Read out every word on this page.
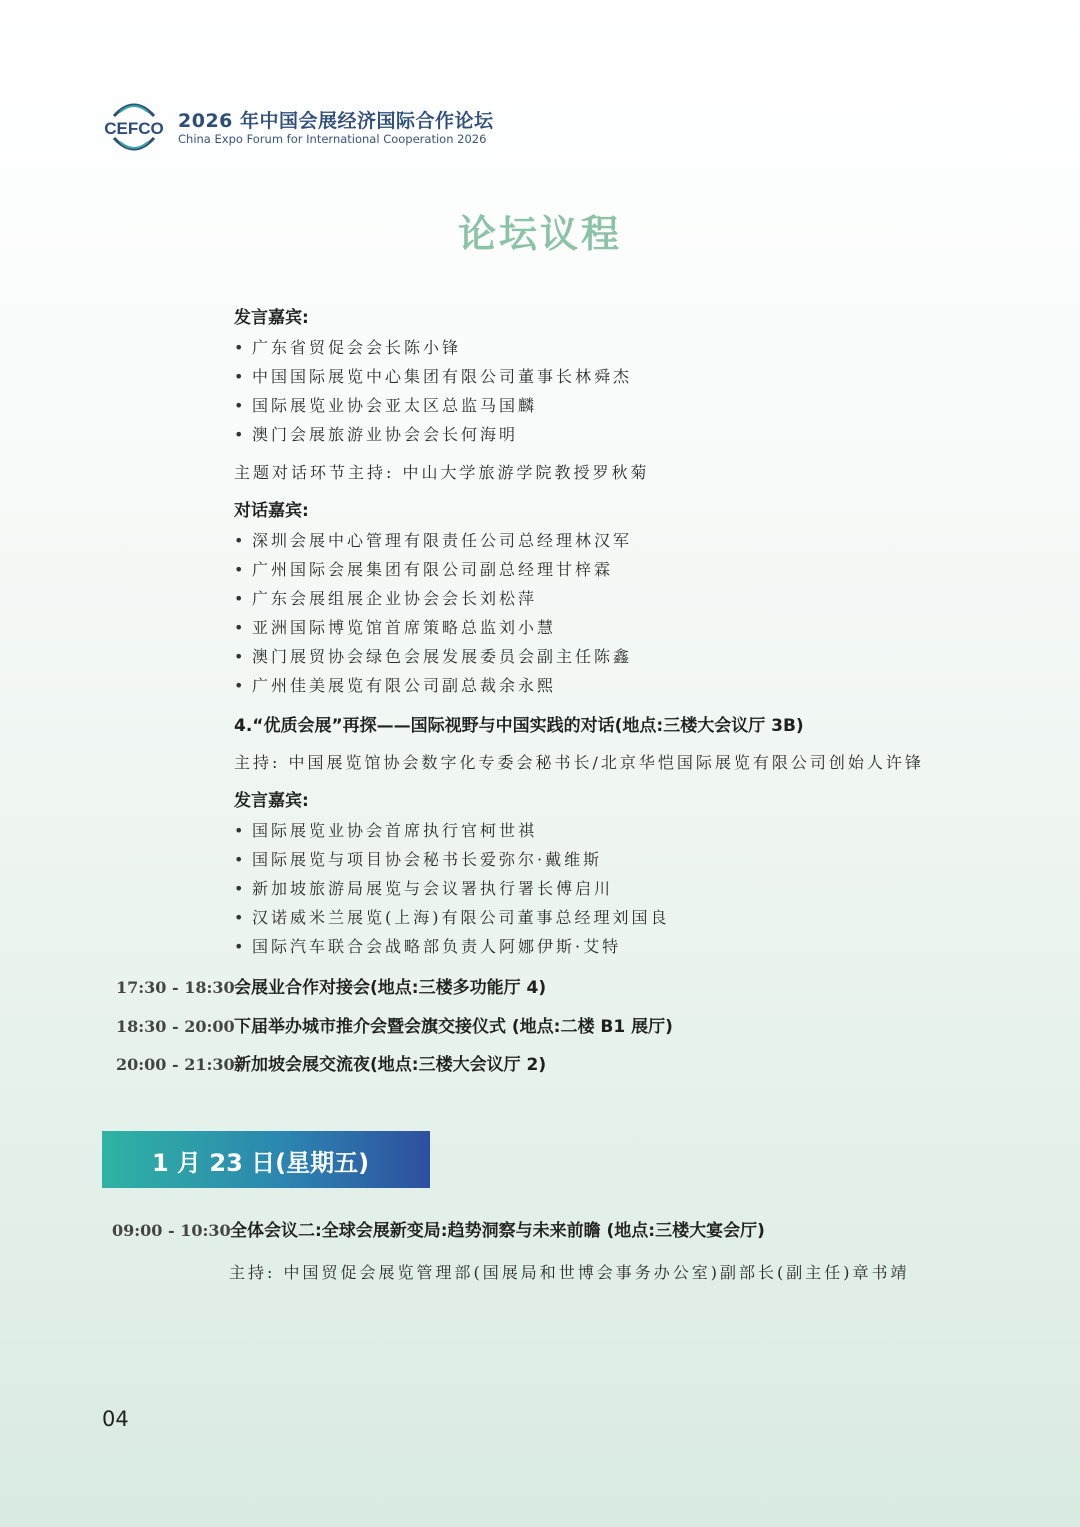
CEFCO 2026 年中国会展经济国际合作论坛
China Expo Forum for International Cooperation 2026
论坛议程
发言嘉宾:
• 广东省贸促会会长陈小锋
• 中国国际展览中心集团有限公司董事长林舜杰
• 国际展览业协会亚太区总监马国麟
• 澳门会展旅游业协会会长何海明
主题对话环节主持: 中山大学旅游学院教授罗秋菊
对话嘉宾:
• 深圳会展中心管理有限责任公司总经理林汉军
• 广州国际会展集团有限公司副总经理甘梓霖
• 广东会展组展企业协会会长刘松萍
• 亚洲国际博览馆首席策略总监刘小慧
• 澳门展贸协会绿色会展发展委员会副主任陈鑫
• 广州佳美展览有限公司副总裁余永熙
4.“优质会展”再探——国际视野与中国实践的对话(地点:三楼大会议厅 3B)
主持: 中国展览馆协会数字化专委会秘书长/北京华恺国际展览有限公司创始人许锋
发言嘉宾:
• 国际展览业协会首席执行官柯世祺
• 国际展览与项目协会秘书长爱弥尔·戴维斯
• 新加坡旅游局展览与会议署执行署长傅启川
• 汉诺威米兰展览(上海)有限公司董事总经理刘国良
• 国际汽车联合会战略部负责人阿娜伊斯·艾特
17:30 - 18:30会展业合作对接会(地点:三楼多功能厅 4)
18:30 - 20:00下届举办城市推介会暨会旗交接仪式 (地点:二楼 B1 展厅)
20:00 - 21:30新加坡会展交流夜(地点:三楼大会议厅 2)
1 月 23 日(星期五)
09:00 - 10:30全体会议二:全球会展新变局:趋势洞察与未来前瞻 (地点:三楼大宴会厅)
主持: 中国贸促会展览管理部(国展局和世博会事务办公室)副部长(副主任)章书靖
04
